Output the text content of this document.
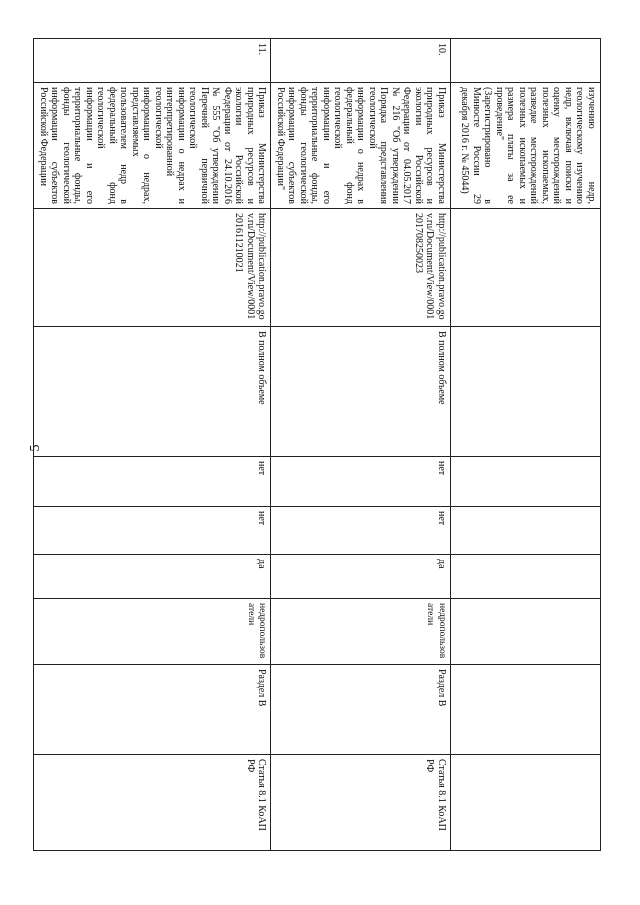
5
	изучению недр, геологическому изучению недр, включая поиски и оценку месторождений полезных ископаемых, разведке месторождений полезных ископаемых и размера платы за ее проведение" (Зарегистрировано в Минюсте России 29 декабря 2016 г. № 45044)								
10.	Приказ Министерства природных ресурсов и экологии Российской Федерации от 04.05.2017 № 216 "Об утверждении Порядка представления геологической информации о недрах в федеральный фонд геологической информации и его территориальные фонды, фонды геологической информации субъектов Российской Федерации"	http://publication.pravo.gov.ru/Document/View/0001201708250023	В полном объеме	нет	нет	да	недропользователи	Раздел В	Статья 8.1 КоАП РФ
11.	Приказ Министерства природных ресурсов и экологии Российской Федерации от 24.10.2016 № 555 "Об утверждении Перечней первичной геологической информации о недрах и интерпретированной геологической информации о недрах, представляемых пользователем недр в федеральный фонд геологической информации и его территориальные фонды, фонды геологической информации субъектов Российской Федерации	http://publication.pravo.gov.ru/Document/View/0001201611210021	В полном объеме	нет	нет	да	недропользователи	Раздел В	Статья 8.1 КоАП РФ
